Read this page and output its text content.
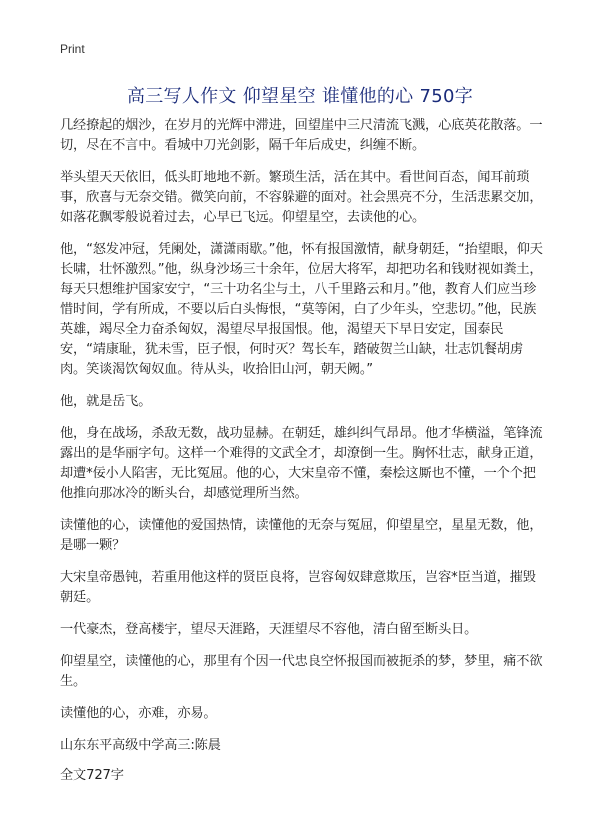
Print
高三写人作文 仰望星空 谁懂他的心 750字

几经撩起的烟沙，在岁月的光辉中滞进，回望崖中三尺清流飞溅，心底英花散落。一切，尽在不言中。看城中刀光剑影，隔千年后成史，纠缠不断。

举头望天天依旧，低头盯地地不新。繁琐生活，活在其中。看世间百态，闻耳前琐事，欣喜与无奈交错。微笑向前，不容躲避的面对。社会黑亮不分，生活悲累交加，如落花飘零般说着过去，心早已飞远。仰望星空，去读他的心。

他，“怒发冲冠，凭阑处，潇潇雨歇。”他，怀有报国激情，献身朝廷，“抬望眼，仰天长啸，壮怀激烈。”他，纵身沙场三十余年，位居大将军，却把功名和钱财视如粪土，每天只想维护国家安宁，“三十功名尘与土，八千里路云和月。”他，教育人们应当珍惜时间，学有所成，不要以后白头悔恨，“莫等闲，白了少年头，空悲切。”他，民族英雄，竭尽全力奋杀匈奴，渴望尽早报国恨。他，渴望天下早日安定，国泰民安，“靖康耻，犹未雪，臣子恨，何时灭？驾长车，踏破贺兰山缺，壮志饥餐胡虏肉。笑谈渴饮匈奴血。待从头，收拾旧山河，朝天阙。”

他，就是岳飞。

他，身在战场，杀敌无数，战功显赫。在朝廷，雄纠纠气昂昂。他才华横溢，笔锋流露出的是华丽字句。这样一个难得的文武全才，却潦倒一生。胸怀壮志，献身正道，却遭*佞小人陷害，无比冤屈。他的心，大宋皇帝不懂，秦桧这厮也不懂，一个个把他推向那冰冷的断头台，却感觉理所当然。

读懂他的心，读懂他的爱国热情，读懂他的无奈与冤屈，仰望星空，星星无数，他，是哪一颗？

大宋皇帝愚钝，若重用他这样的贤臣良将，岂容匈奴肆意欺压，岂容*臣当道，摧毁朝廷。

一代豪杰，登高楼宇，望尽天涯路，天涯望尽不容他，清白留至断头日。

仰望星空，读懂他的心，那里有个因一代忠良空怀报国而被扼杀的梦，梦里，痛不欲生。

读懂他的心，亦难，亦易。

山东东平高级中学高三:陈晨

全文727字
